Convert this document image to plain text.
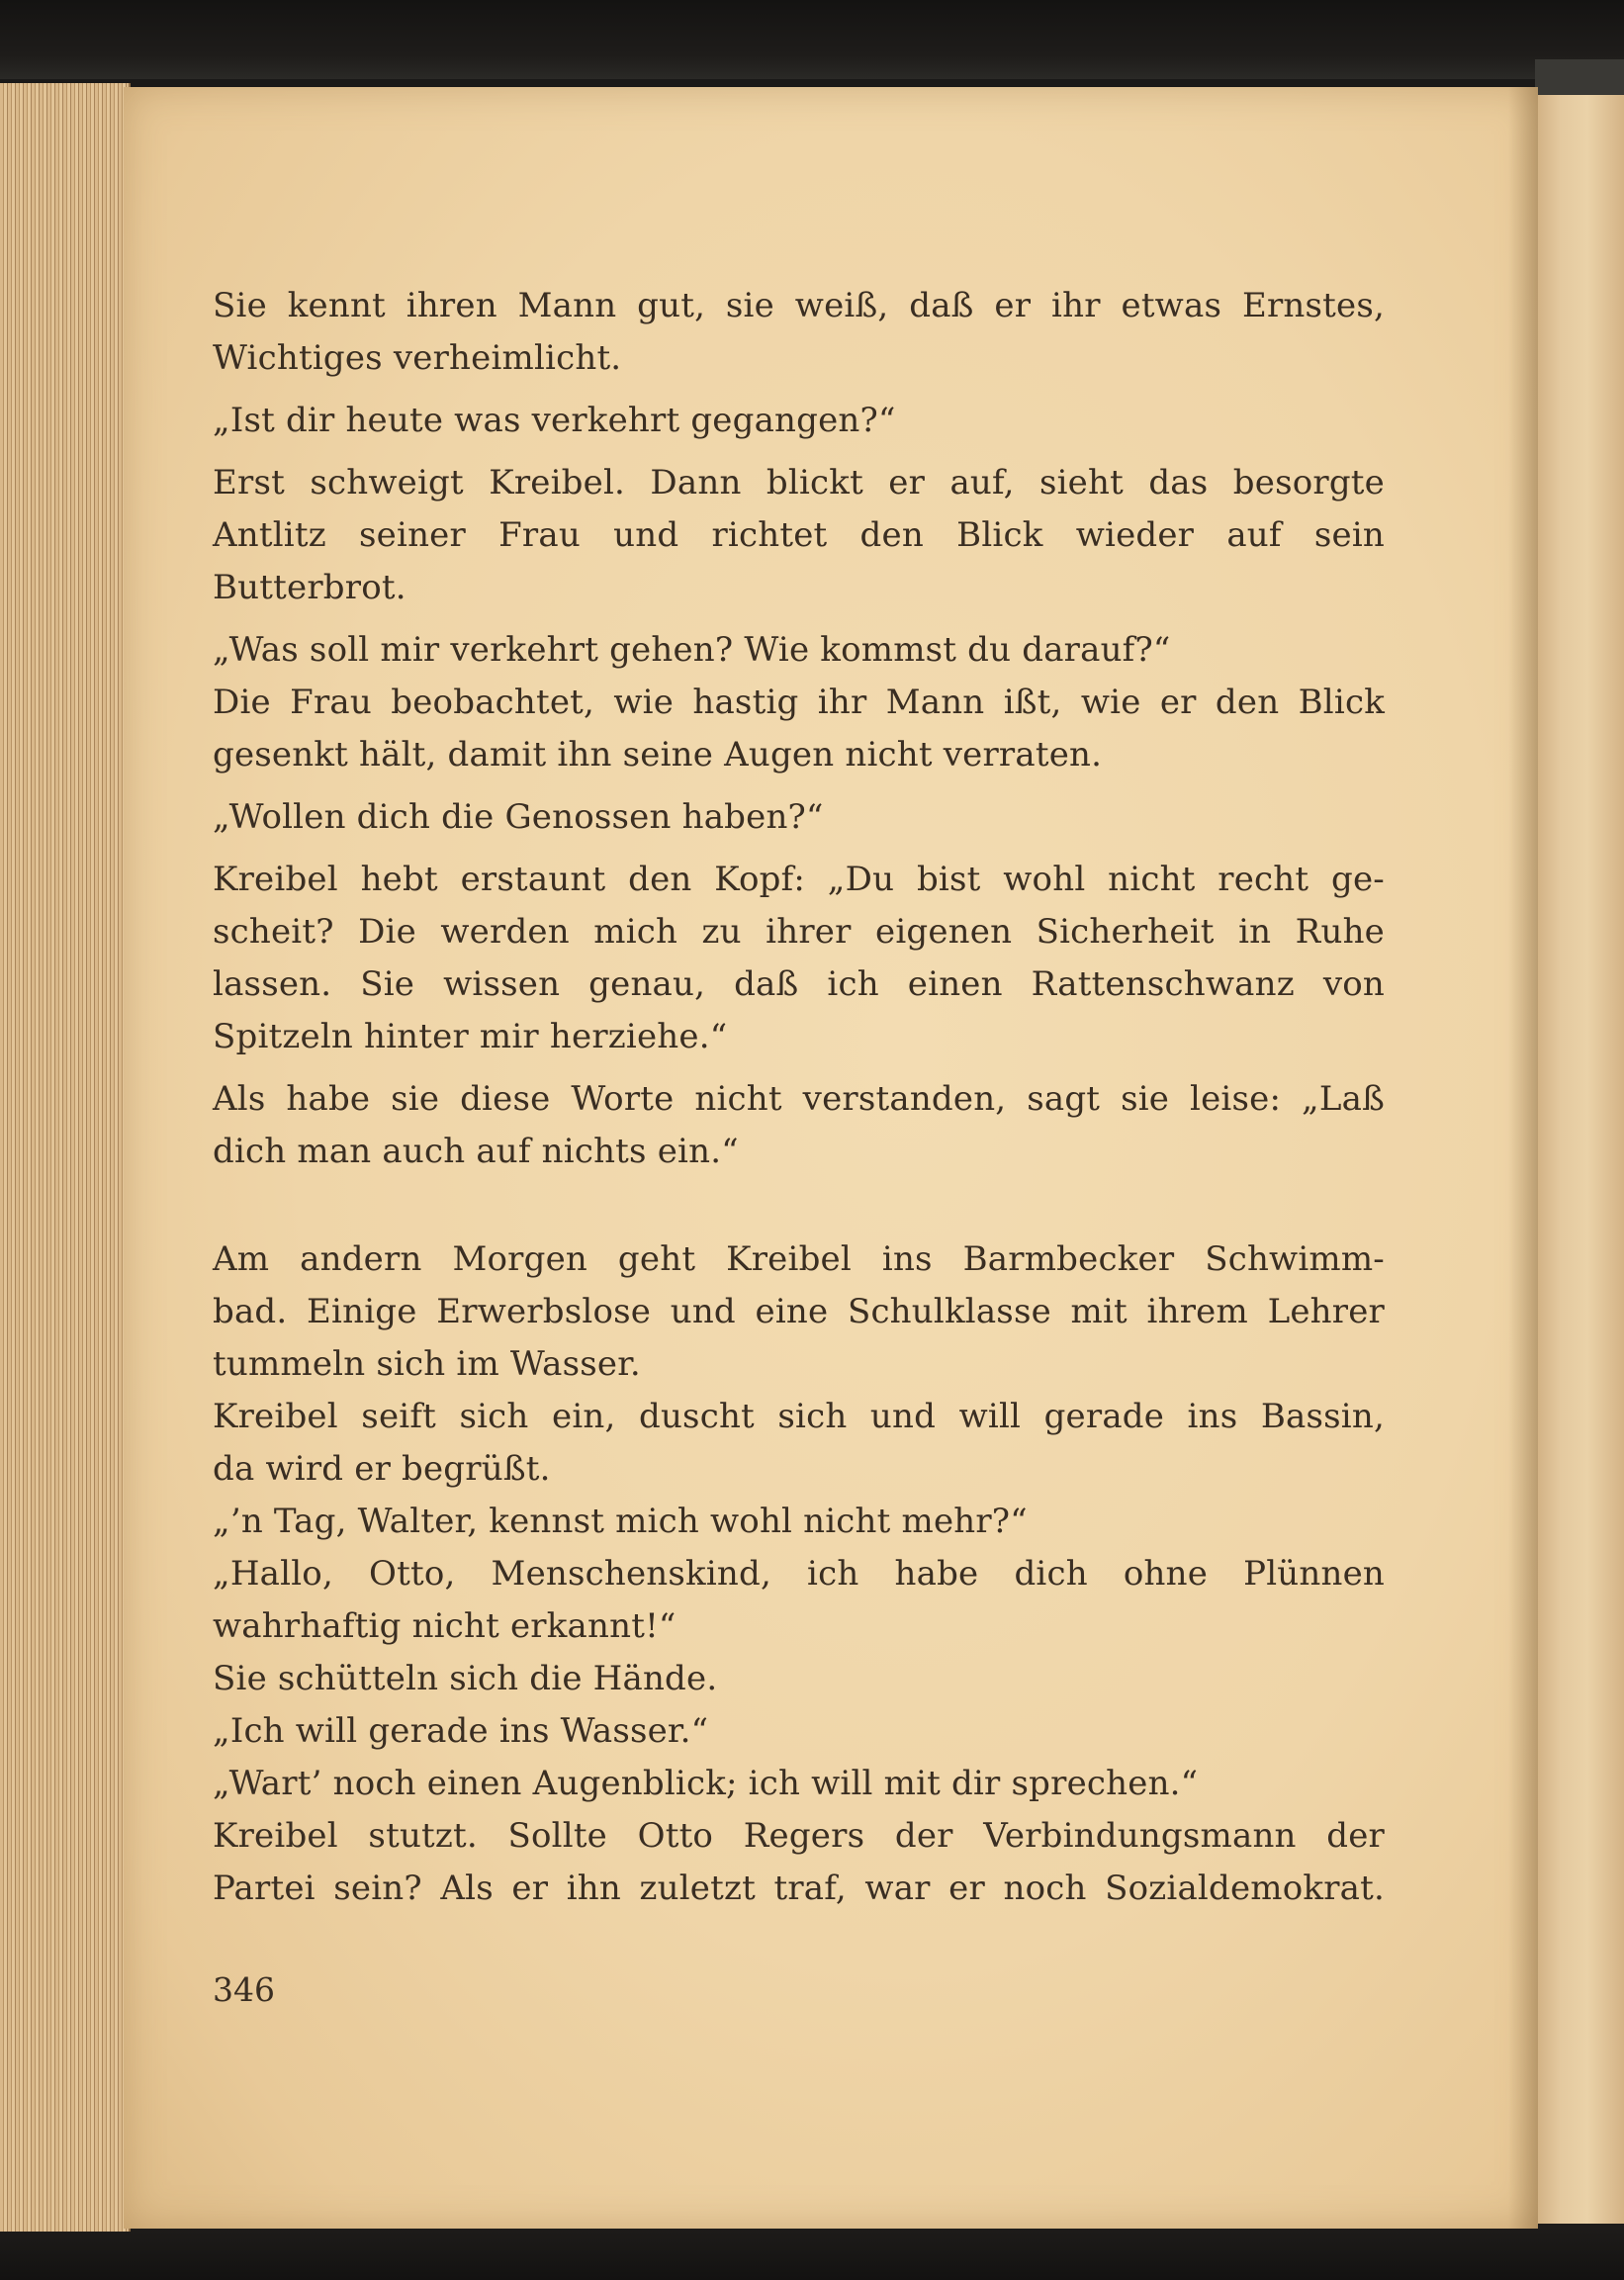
Sie kennt ihren Mann gut, sie weiß, daß er ihr etwas Ernstes,
Wichtiges verheimlicht.
„Ist dir heute was verkehrt gegangen?“
Erst schweigt Kreibel. Dann blickt er auf, sieht das besorgte
Antlitz seiner Frau und richtet den Blick wieder auf sein
Butterbrot.
„Was soll mir verkehrt gehen? Wie kommst du darauf?“
Die Frau beobachtet, wie hastig ihr Mann ißt, wie er den Blick
gesenkt hält, damit ihn seine Augen nicht verraten.
„Wollen dich die Genossen haben?“
Kreibel hebt erstaunt den Kopf: „Du bist wohl nicht recht ge-
scheit? Die werden mich zu ihrer eigenen Sicherheit in Ruhe
lassen. Sie wissen genau, daß ich einen Rattenschwanz von
Spitzeln hinter mir herziehe.“
Als habe sie diese Worte nicht verstanden, sagt sie leise: „Laß
dich man auch auf nichts ein.“
Am andern Morgen geht Kreibel ins Barmbecker Schwimm-
bad. Einige Erwerbslose und eine Schulklasse mit ihrem Lehrer
tummeln sich im Wasser.
Kreibel seift sich ein, duscht sich und will gerade ins Bassin,
da wird er begrüßt.
„’n Tag, Walter, kennst mich wohl nicht mehr?“
„Hallo, Otto, Menschenskind, ich habe dich ohne Plünnen
wahrhaftig nicht erkannt!“
Sie schütteln sich die Hände.
„Ich will gerade ins Wasser.“
„Wart’ noch einen Augenblick; ich will mit dir sprechen.“
Kreibel stutzt. Sollte Otto Regers der Verbindungsmann der
Partei sein? Als er ihn zuletzt traf, war er noch Sozialdemokrat.
346
